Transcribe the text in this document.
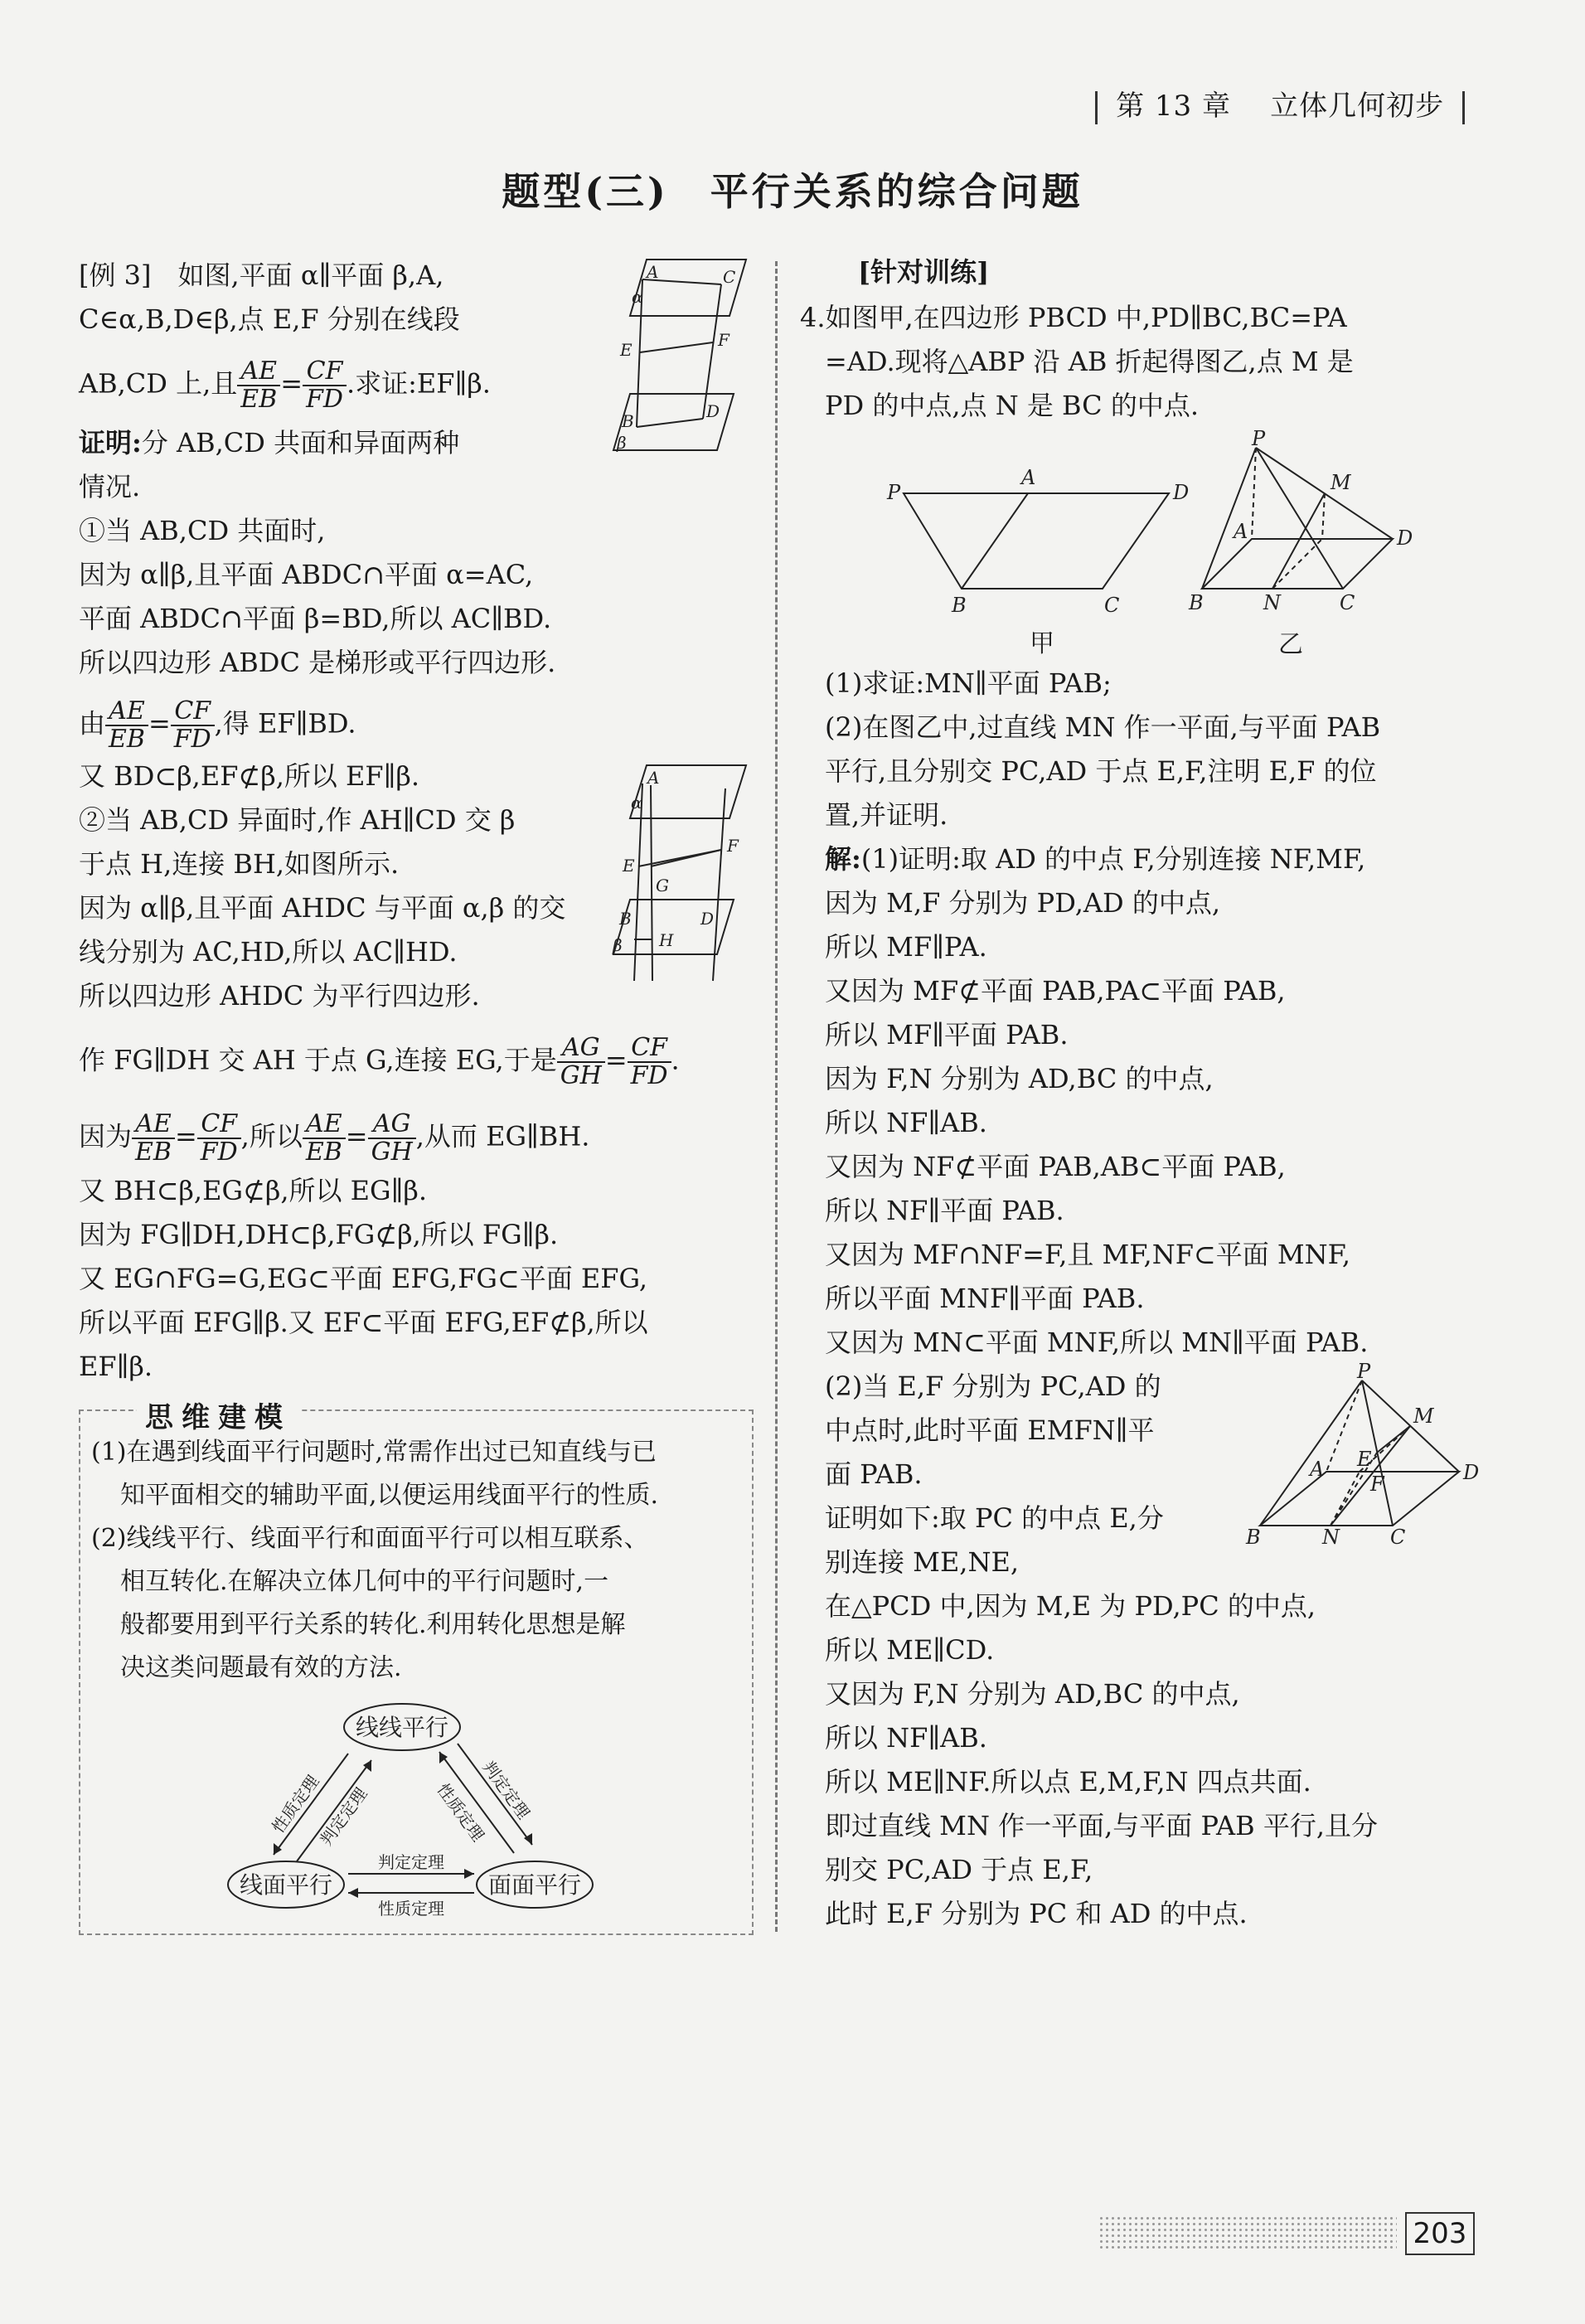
第 13 章 立体几何初步
题型(三)　平行关系的综合问题
[例 3]　如图,平面 α∥平面 β,A,
C∈α,B,D∈β,点 E,F 分别在线段
AB,CD 上,且 $\frac{AE}{EB} = \frac{CF}{FD}$ .求证:EF∥β.
α
A	C
E	F
B	D
β
证明:分 AB,CD 共面和异面两种
情况.
①当 AB,CD 共面时,
因为 α∥β,且平面 ABDC∩平面 α=AC,
平面 ABDC∩平面 β=BD,所以 AC∥BD.
所以四边形 ABDC 是梯形或平行四边形.
由 $\frac{AE}{EB} = \frac{CF}{FD}$ ,得 EF∥BD.
又 BD⊂β,EF⊄β,所以 EF∥β.
②当 AB,CD 异面时,作 AH∥CD 交 β
于点 H,连接 BH,如图所示.
因为 α∥β,且平面 AHDC 与平面 α,β 的交
线分别为 AC,HD,所以 AC∥HD.
所以四边形 AHDC 为平行四边形.
A
α
E
F
G
B
H
D
β
作 FG∥DH 交 AH 于点 G,连接 EG,于是 $\frac{AG}{GH} = \frac{CF}{FD}$ .
因为 $\frac{AE}{EB} = \frac{CF}{FD}$ ,所以 $\frac{AE}{EB} = \frac{AG}{GH}$ ,从而 EG∥BH.
又 BH⊂β,EG⊄β,所以 EG∥β.
因为 FG∥DH,DH⊂β,FG⊄β,所以 FG∥β.
又 EG∩FG=G,EG⊂平面 EFG,FG⊂平面 EFG,
所以平面 EFG∥β.又 EF⊂平面 EFG,EF⊄β,所以
EF∥β.
思维建模
(1)在遇到线面平行问题时,常需作出过已知直线与已
知平面相交的辅助平面,以便运用线面平行的性质.
(2)线线平行、线面平行和面面平行可以相互联系、
相互转化.在解决立体几何中的平行问题时,一
般都要用到平行关系的转化.利用转化思想是解
决这类问题最有效的方法.
线线平行
线面平行	面面平行
判定定理
性质定理
性质定理
判定定理	性质定理
判定定理
[针对训练]
4.如图甲,在四边形 PBCD 中,PD∥BC,BC=PA
=AD.现将△ABP 沿 AB 折起得图乙,点 M 是
PD 的中点,点 N 是 BC 的中点.
P
A
D
B	C
甲
P
M
A	D
B	N	C
乙
(1)求证:MN∥平面 PAB;
(2)在图乙中,过直线 MN 作一平面,与平面 PAB
平行,且分别交 PC,AD 于点 E,F,注明 E,F 的位
置,并证明.
解:(1)证明:取 AD 的中点 F,分别连接 NF,MF,
因为 M,F 分别为 PD,AD 的中点,
所以 MF∥PA.
又因为 MF⊄平面 PAB,PA⊂平面 PAB,
所以 MF∥平面 PAB.
因为 F,N 分别为 AD,BC 的中点,
所以 NF∥AB.
又因为 NF⊄平面 PAB,AB⊂平面 PAB,
所以 NF∥平面 PAB.
又因为 MF∩NF=F,且 MF,NF⊂平面 MNF,
所以平面 MNF∥平面 PAB.
又因为 MN⊂平面 MNF,所以 MN∥平面 PAB.
(2)当 E,F 分别为 PC,AD 的
中点时,此时平面 EMFN∥平
面 PAB.
证明如下:取 PC 的中点 E,分
别连接 ME,NE,
P
M
A E
F	D
B	N	C
在△PCD 中,因为 M,E 为 PD,PC 的中点,
所以 ME∥CD.
又因为 F,N 分别为 AD,BC 的中点,
所以 NF∥AB.
所以 ME∥NF.所以点 E,M,F,N 四点共面.
即过直线 MN 作一平面,与平面 PAB 平行,且分
别交 PC,AD 于点 E,F,
此时 E,F 分别为 PC 和 AD 的中点.
203
